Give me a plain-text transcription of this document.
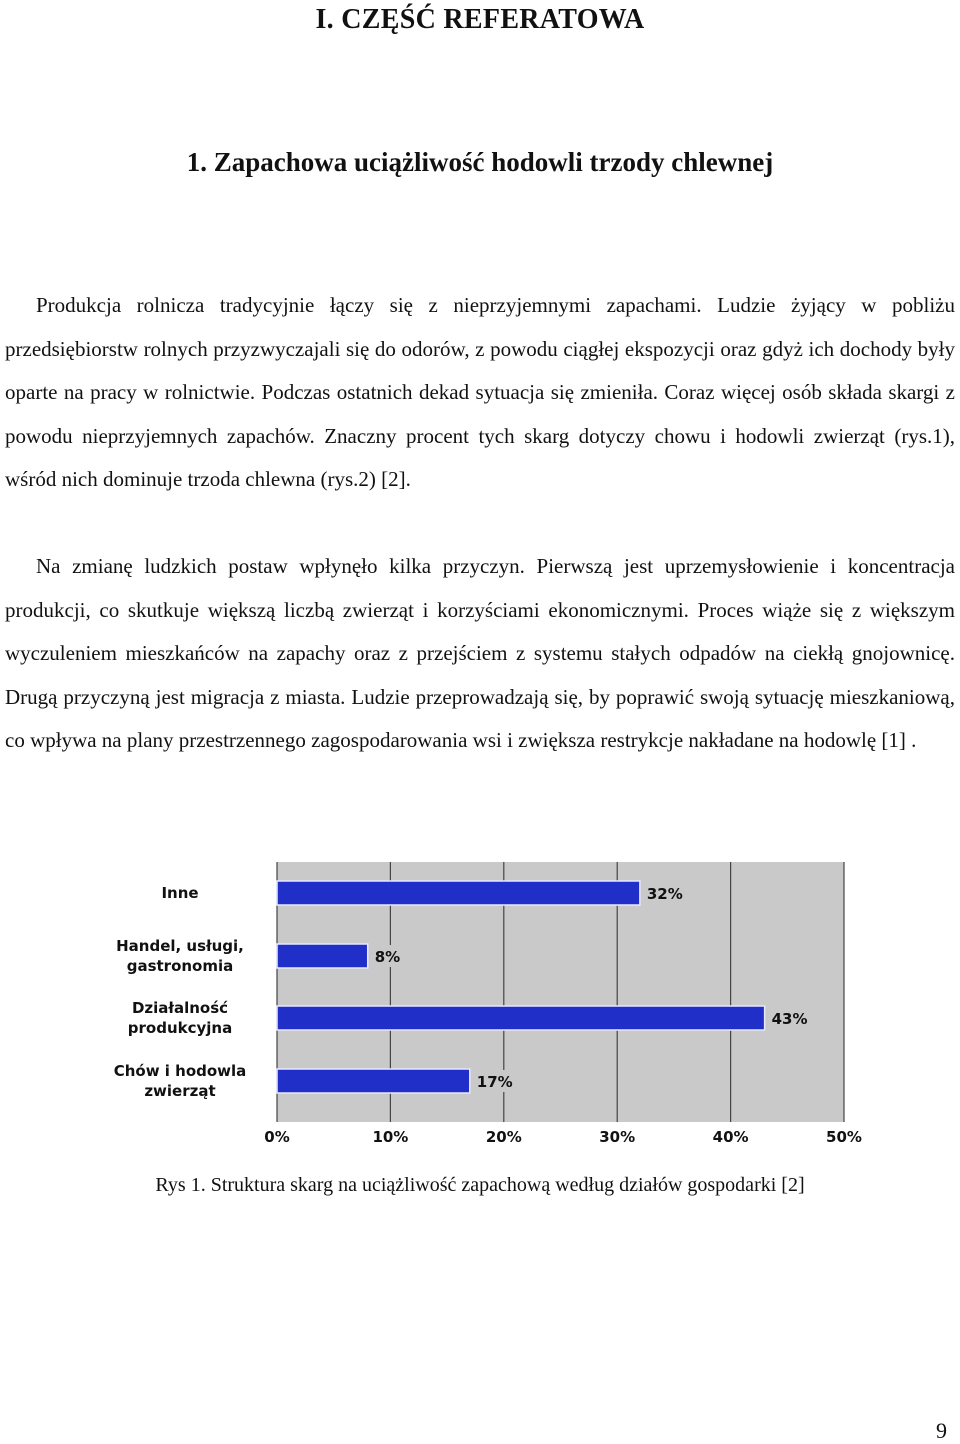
I. CZĘŚĆ REFERATOWA
1. Zapachowa uciążliwość hodowli trzody chlewnej

Produkcja rolnicza tradycyjnie łączy się z nieprzyjemnymi zapachami. Ludzie żyjący w pobliżu przedsiębiorstw rolnych przyzwyczajali się do odorów, z powodu ciągłej ekspozycji oraz gdyż ich dochody były oparte na pracy w rolnictwie. Podczas ostatnich dekad sytuacja się zmieniła. Coraz więcej osób składa skargi z powodu nieprzyjemnych zapachów. Znaczny procent tych skarg dotyczy chowu i hodowli zwierząt (rys.1), wśród nich dominuje trzoda chlewna (rys.2) [2].

Na zmianę ludzkich postaw wpłynęło kilka przyczyn. Pierwszą jest uprzemysłowienie i koncentracja produkcji, co skutkuje większą liczbą zwierząt i korzyściami ekonomicznymi. Proces wiąże się z większym wyczuleniem mieszkańców na zapachy oraz z przejściem z systemu stałych odpadów na ciekłą gnojownicę. Drugą przyczyną jest migracja z miasta. Ludzie przeprowadzają się, by poprawić swoją sytuację mieszkaniową, co wpływa na plany przestrzennego zagospodarowania wsi i zwiększa restrykcje nakładane na hodowlę [1] .

32%
Inne
8%
Handel, usługi,
gastronomia
43%
Działalność
produkcyjna
17%
Chów i hodowla
zwierząt
0%	10%	20%	30%	40%	50%
Rys 1. Struktura skarg na uciążliwość zapachową według działów gospodarki [2]
9
